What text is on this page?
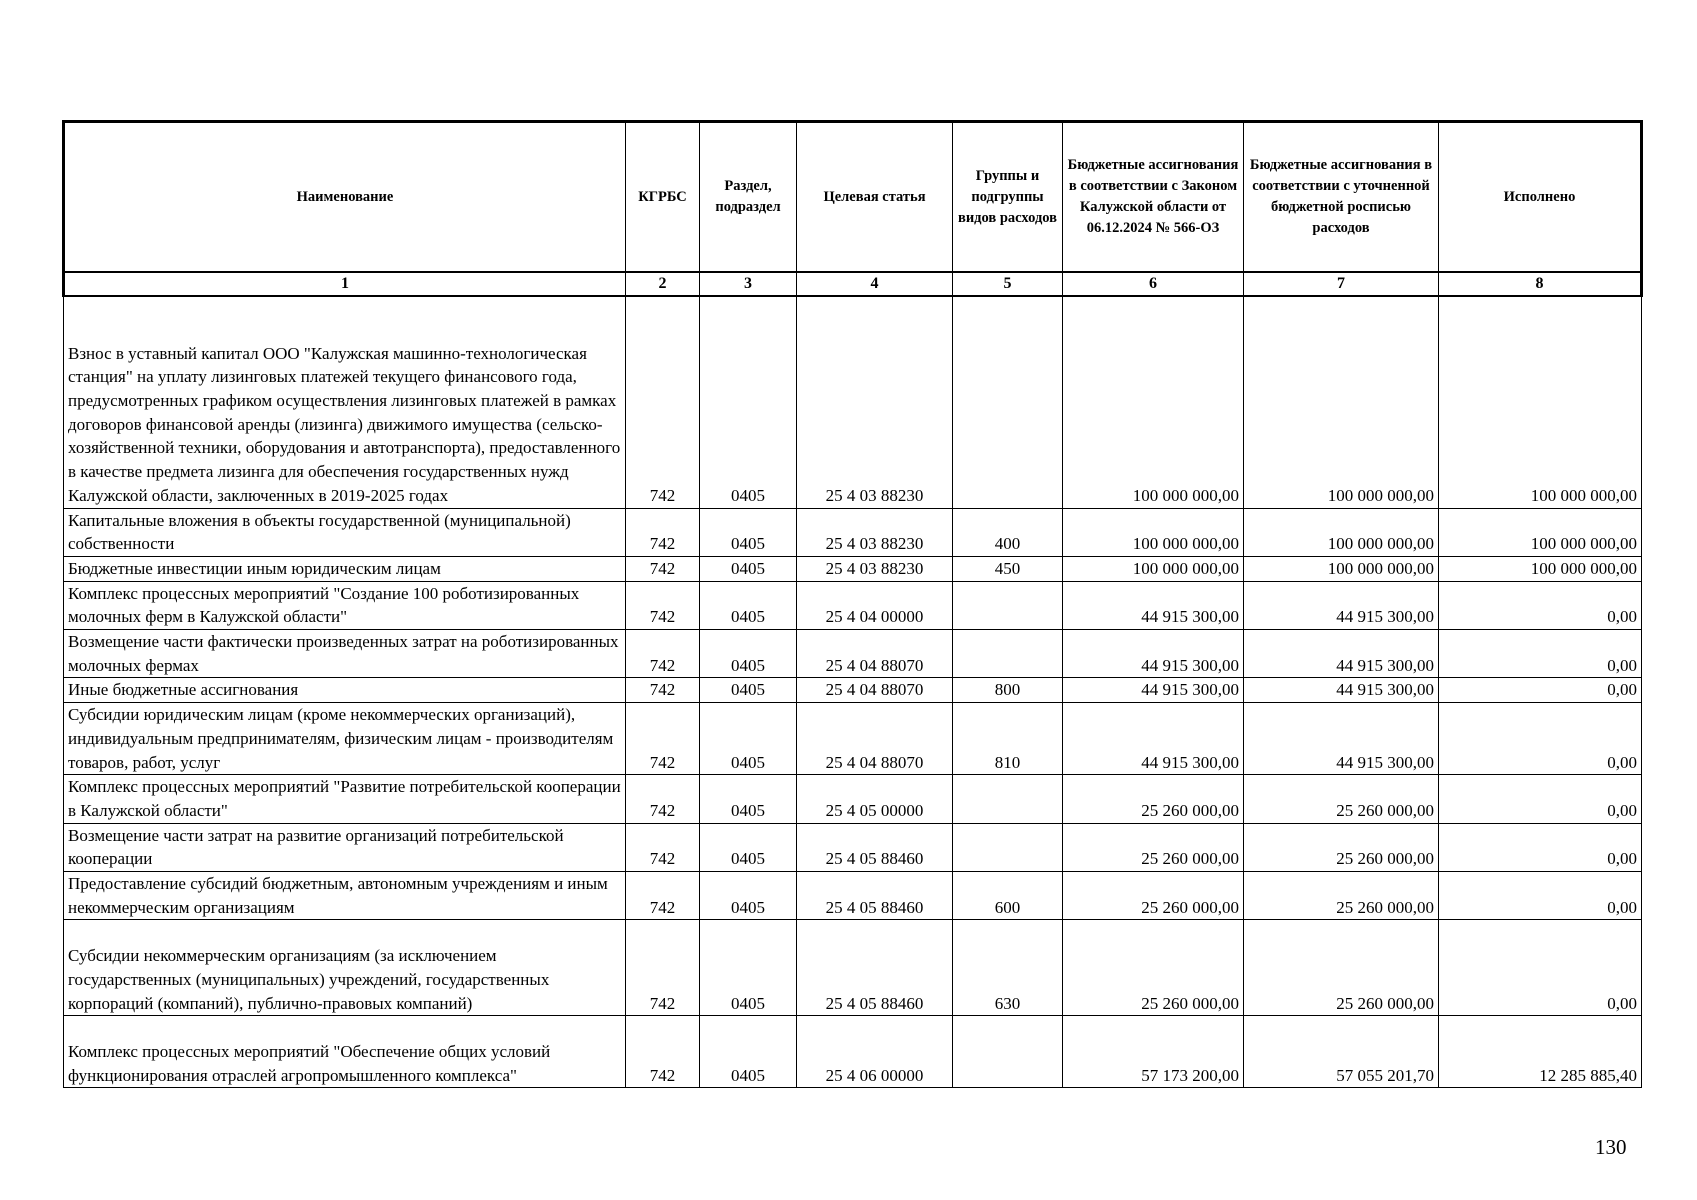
Наименование	КГРБС	Раздел, подраздел	Целевая статья	Группы и подгруппы видов расходов	Бюджетные ассигнования в соответствии с Законом Калужской области от 06.12.2024 № 566-ОЗ	Бюджетные ассигнования в соответствии с уточненной бюджетной росписью расходов	Исполнено
1	2	3	4	5	6	7	8
Взнос в уставный капитал ООО "Калужская машинно-технологическая станция" на уплату лизинговых платежей текущего финансового года, предусмотренных графиком осуществления лизинговых платежей в рамках договоров финансовой аренды (лизинга) движимого имущества (сельско-хозяйственной техники, оборудования и автотранспорта), предоставленного в качестве предмета лизинга для обеспечения государственных нужд Калужской области, заключенных в 2019-2025 годах	742	0405	25 4 03 88230		100 000 000,00	100 000 000,00	100 000 000,00
Капитальные вложения в объекты государственной (муниципальной) собственности	742	0405	25 4 03 88230	400	100 000 000,00	100 000 000,00	100 000 000,00
Бюджетные инвестиции иным юридическим лицам	742	0405	25 4 03 88230	450	100 000 000,00	100 000 000,00	100 000 000,00
Комплекс процессных мероприятий "Создание 100 роботизированных молочных ферм в Калужской области"	742	0405	25 4 04 00000		44 915 300,00	44 915 300,00	0,00
Возмещение части фактически произведенных затрат на роботизированных молочных фермах	742	0405	25 4 04 88070		44 915 300,00	44 915 300,00	0,00
Иные бюджетные ассигнования	742	0405	25 4 04 88070	800	44 915 300,00	44 915 300,00	0,00
Субсидии юридическим лицам (кроме некоммерческих организаций), индивидуальным предпринимателям, физическим лицам - производителям товаров, работ, услуг	742	0405	25 4 04 88070	810	44 915 300,00	44 915 300,00	0,00
Комплекс процессных мероприятий "Развитие потребительской кооперации в Калужской области"	742	0405	25 4 05 00000		25 260 000,00	25 260 000,00	0,00
Возмещение части затрат на развитие организаций потребительской кооперации	742	0405	25 4 05 88460		25 260 000,00	25 260 000,00	0,00
Предоставление субсидий бюджетным, автономным учреждениям и иным некоммерческим организациям	742	0405	25 4 05 88460	600	25 260 000,00	25 260 000,00	0,00
Субсидии некоммерческим организациям (за исключением государственных (муниципальных) учреждений, государственных корпораций (компаний), публично-правовых компаний)	742	0405	25 4 05 88460	630	25 260 000,00	25 260 000,00	0,00
Комплекс процессных мероприятий "Обеспечение общих условий функционирования отраслей агропромышленного комплекса"	742	0405	25 4 06 00000		57 173 200,00	57 055 201,70	12 285 885,40
130
